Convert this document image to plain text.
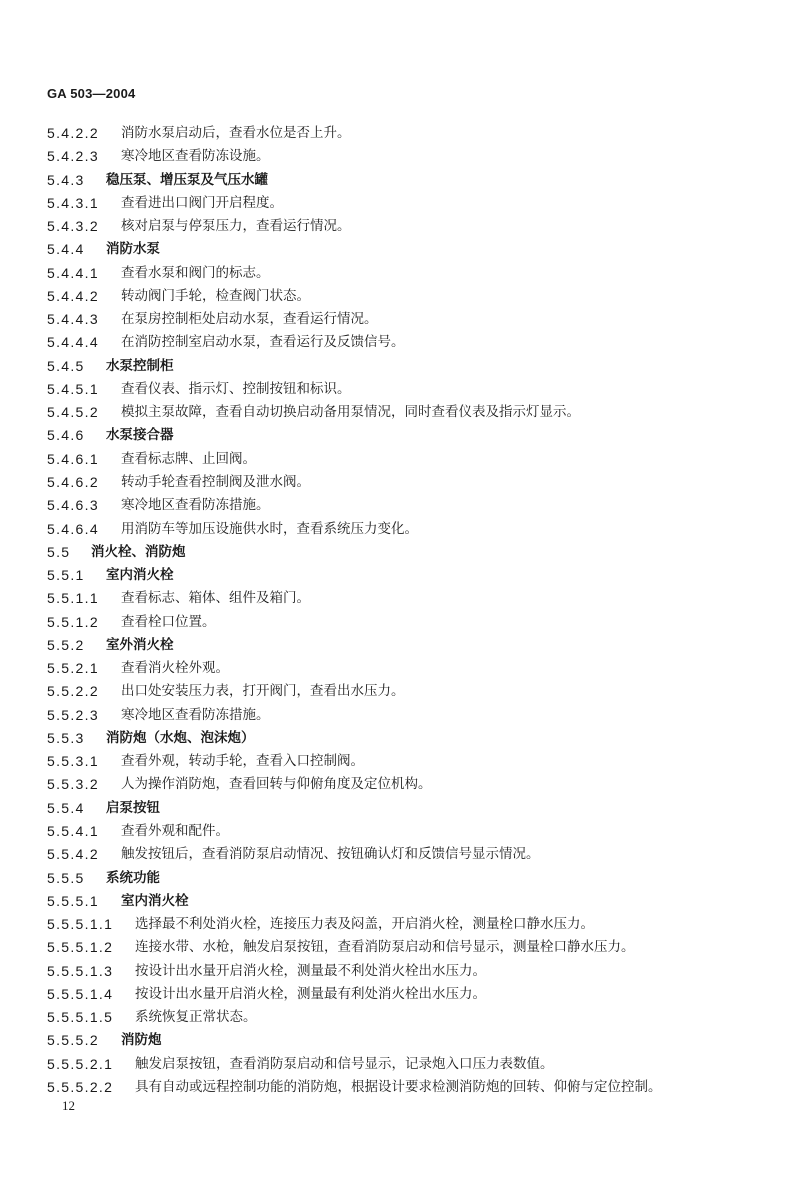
GA 503—2004
5.4.2.2 消防水泵启动后，查看水位是否上升。
5.4.2.3 寒冷地区查看防冻设施。
5.4.3 稳压泵、增压泵及气压水罐
5.4.3.1 查看进出口阀门开启程度。
5.4.3.2 核对启泵与停泵压力，查看运行情况。
5.4.4 消防水泵
5.4.4.1 查看水泵和阀门的标志。
5.4.4.2 转动阀门手轮，检查阀门状态。
5.4.4.3 在泵房控制柜处启动水泵，查看运行情况。
5.4.4.4 在消防控制室启动水泵，查看运行及反馈信号。
5.4.5 水泵控制柜
5.4.5.1 查看仪表、指示灯、控制按钮和标识。
5.4.5.2 模拟主泵故障，查看自动切换启动备用泵情况，同时查看仪表及指示灯显示。
5.4.6 水泵接合器
5.4.6.1 查看标志牌、止回阀。
5.4.6.2 转动手轮查看控制阀及泄水阀。
5.4.6.3 寒冷地区查看防冻措施。
5.4.6.4 用消防车等加压设施供水时，查看系统压力变化。
5.5 消火栓、消防炮
5.5.1 室内消火栓
5.5.1.1 查看标志、箱体、组件及箱门。
5.5.1.2 查看栓口位置。
5.5.2 室外消火栓
5.5.2.1 查看消火栓外观。
5.5.2.2 出口处安装压力表，打开阀门，查看出水压力。
5.5.2.3 寒冷地区查看防冻措施。
5.5.3 消防炮（水炮、泡沫炮）
5.5.3.1 查看外观，转动手轮，查看入口控制阀。
5.5.3.2 人为操作消防炮，查看回转与仰俯角度及定位机构。
5.5.4 启泵按钮
5.5.4.1 查看外观和配件。
5.5.4.2 触发按钮后，查看消防泵启动情况、按钮确认灯和反馈信号显示情况。
5.5.5 系统功能
5.5.5.1 室内消火栓
5.5.5.1.1 选择最不利处消火栓，连接压力表及闷盖，开启消火栓，测量栓口静水压力。
5.5.5.1.2 连接水带、水枪，触发启泵按钮，查看消防泵启动和信号显示，测量栓口静水压力。
5.5.5.1.3 按设计出水量开启消火栓，测量最不利处消火栓出水压力。
5.5.5.1.4 按设计出水量开启消火栓，测量最有利处消火栓出水压力。
5.5.5.1.5 系统恢复正常状态。
5.5.5.2 消防炮
5.5.5.2.1 触发启泵按钮，查看消防泵启动和信号显示，记录炮入口压力表数值。
5.5.5.2.2 具有自动或远程控制功能的消防炮，根据设计要求检测消防炮的回转、仰俯与定位控制。
12
